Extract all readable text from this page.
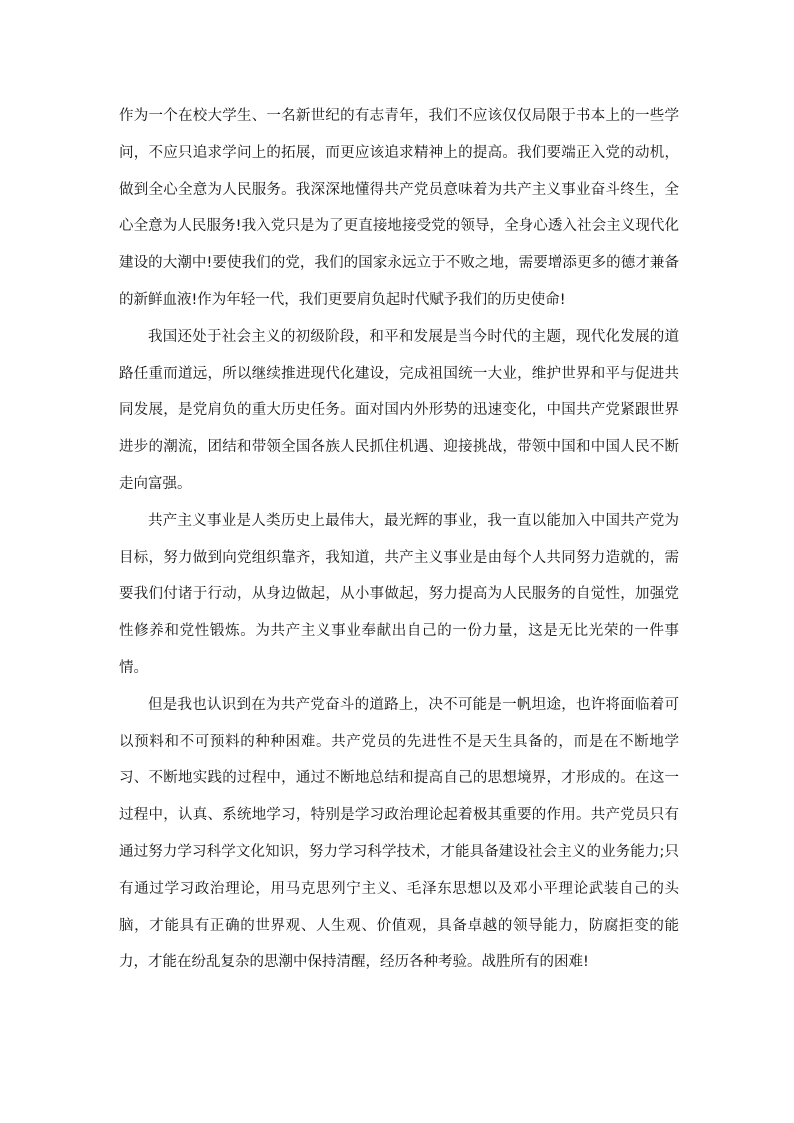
作为一个在校大学生、一名新世纪的有志青年，我们不应该仅仅局限于书本上的一些学问，不应只追求学问上的拓展，而更应该追求精神上的提高。我们要端正入党的动机，做到全心全意为人民服务。我深深地懂得共产党员意味着为共产主义事业奋斗终生，全心全意为人民服务!我入党只是为了更直接地接受党的领导，全身心透入社会主义现代化建设的大潮中!要使我们的党，我们的国家永远立于不败之地，需要增添更多的德才兼备的新鲜血液!作为年轻一代，我们更要肩负起时代赋予我们的历史使命!

我国还处于社会主义的初级阶段，和平和发展是当今时代的主题，现代化发展的道路任重而道远，所以继续推进现代化建设，完成祖国统一大业，维护世界和平与促进共同发展，是党肩负的重大历史任务。面对国内外形势的迅速变化，中国共产党紧跟世界进步的潮流，团结和带领全国各族人民抓住机遇、迎接挑战，带领中国和中国人民不断走向富强。

共产主义事业是人类历史上最伟大，最光辉的事业，我一直以能加入中国共产党为目标，努力做到向党组织靠齐，我知道，共产主义事业是由每个人共同努力造就的，需要我们付诸于行动，从身边做起，从小事做起，努力提高为人民服务的自觉性，加强党性修养和党性锻炼。为共产主义事业奉献出自己的一份力量，这是无比光荣的一件事情。

但是我也认识到在为共产党奋斗的道路上，决不可能是一帆坦途，也许将面临着可以预料和不可预料的种种困难。共产党员的先进性不是天生具备的，而是在不断地学习、不断地实践的过程中，通过不断地总结和提高自己的思想境界，才形成的。在这一过程中，认真、系统地学习，特别是学习政治理论起着极其重要的作用。共产党员只有通过努力学习科学文化知识，努力学习科学技术，才能具备建设社会主义的业务能力;只有通过学习政治理论，用马克思列宁主义、毛泽东思想以及邓小平理论武装自己的头脑，才能具有正确的世界观、人生观、价值观，具备卓越的领导能力，防腐拒变的能力，才能在纷乱复杂的思潮中保持清醒，经历各种考验。战胜所有的困难!
